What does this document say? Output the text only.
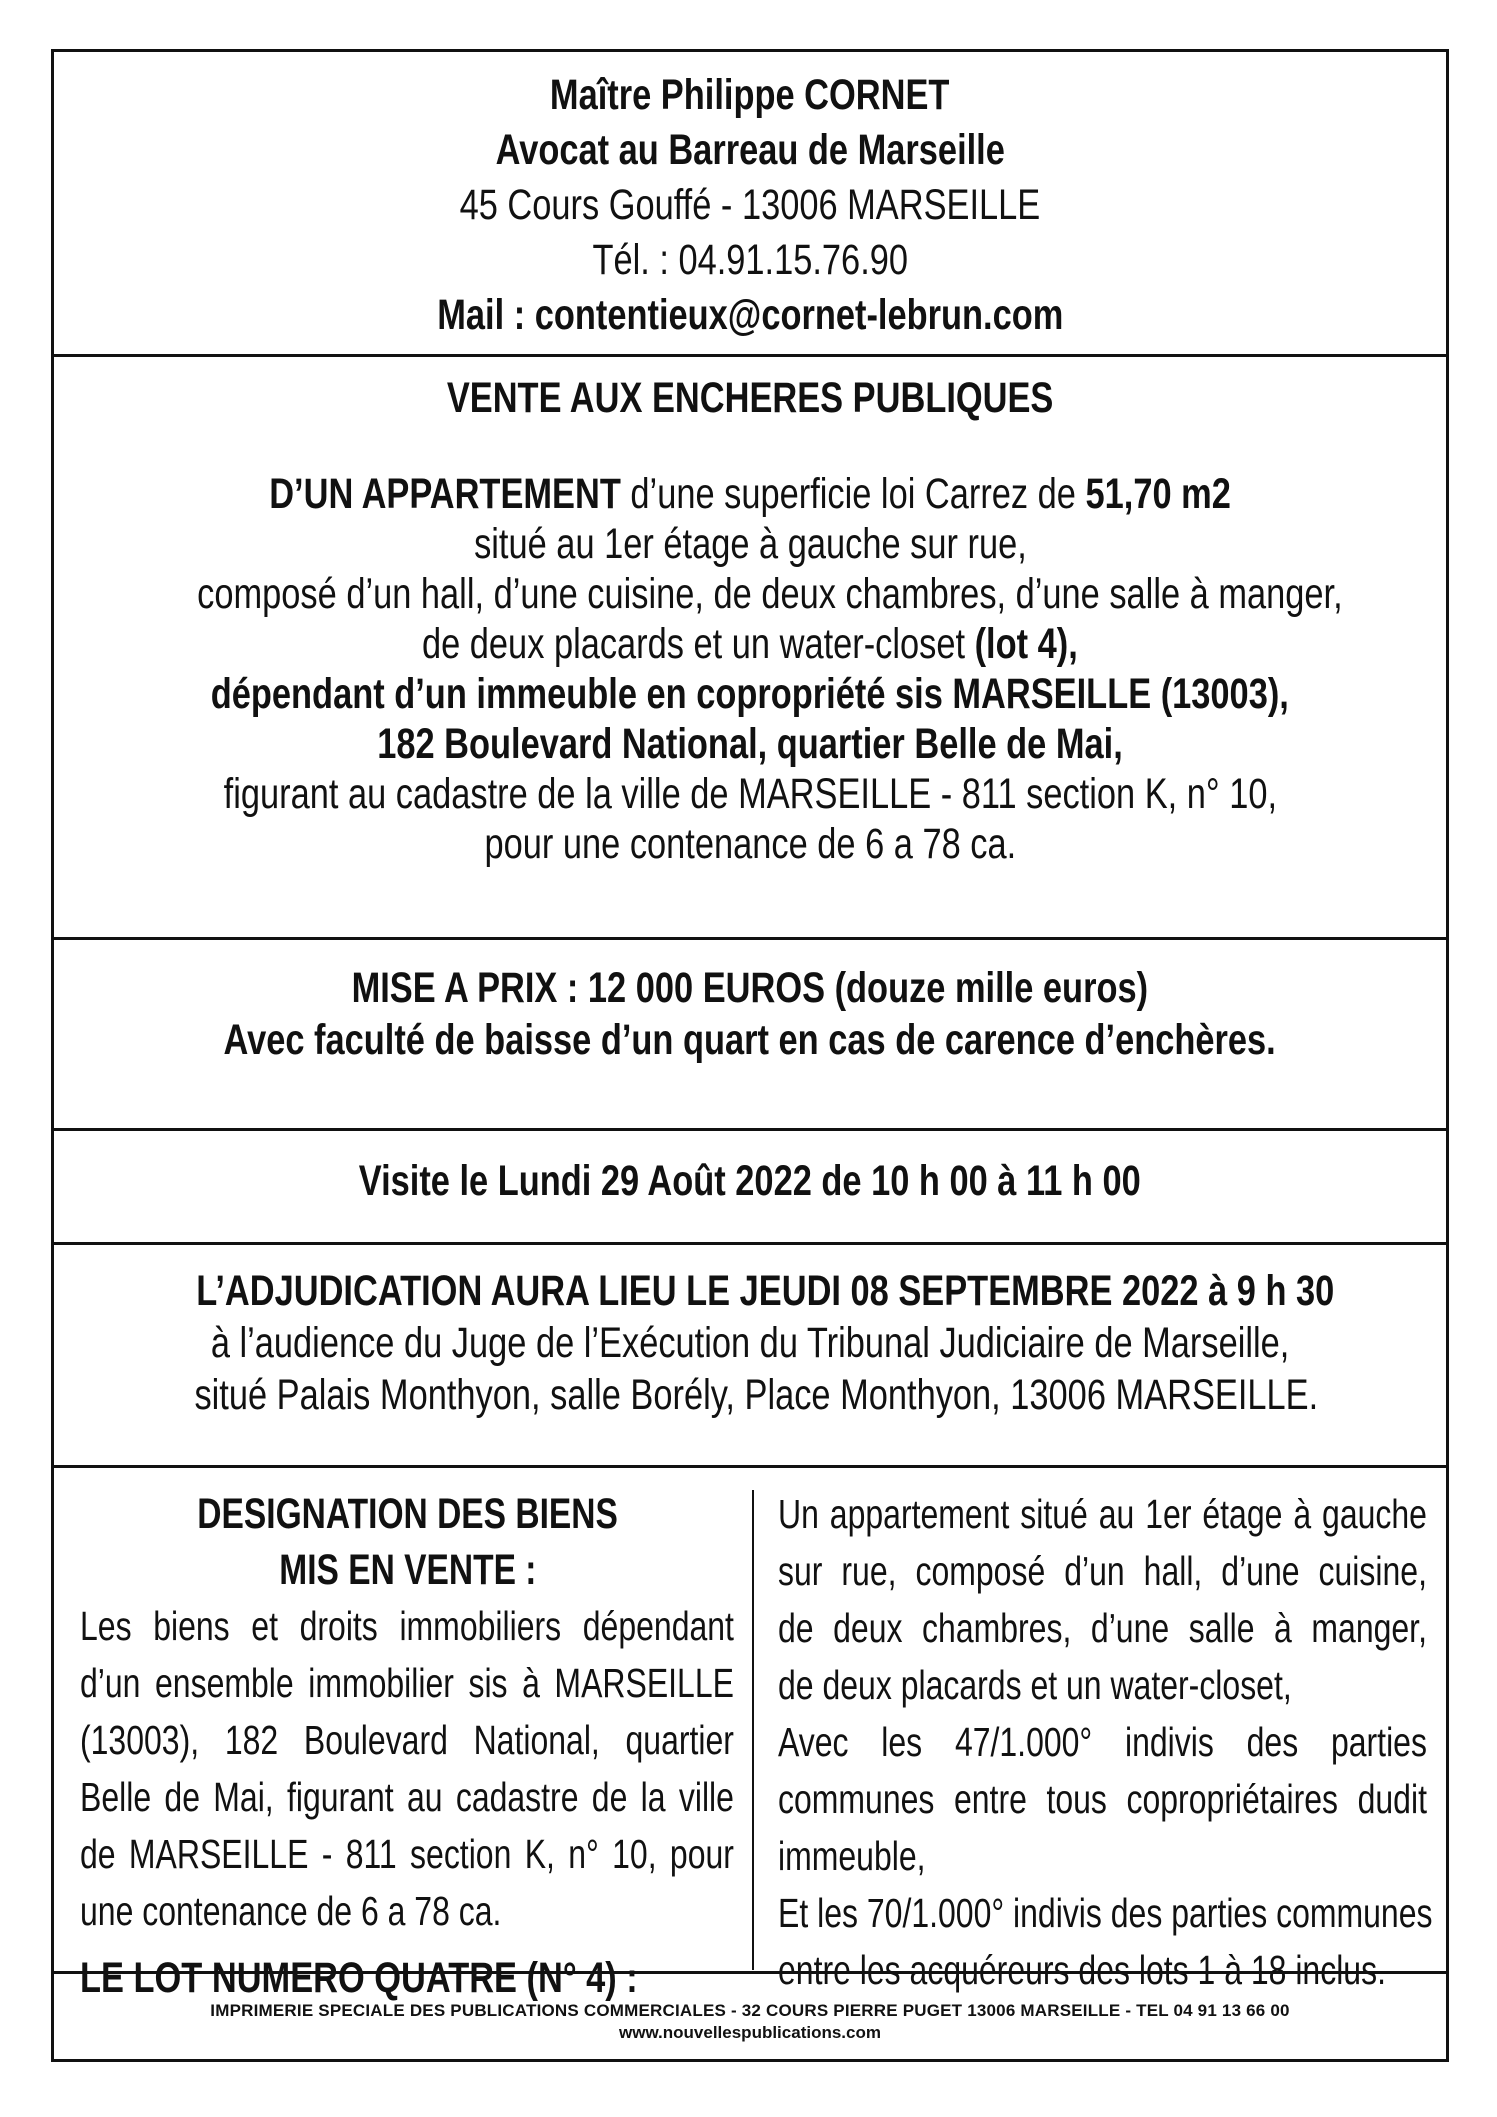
Maître Philippe CORNET
Avocat au Barreau de Marseille
45 Cours Gouffé - 13006 MARSEILLE
Tél. : 04.91.15.76.90
Mail : contentieux@cornet-lebrun.com
VENTE AUX ENCHERES PUBLIQUES
D’UN APPARTEMENT d’une superficie loi Carrez de 51,70 m2
situé au 1er étage à gauche sur rue,
composé d’un hall, d’une cuisine, de deux chambres, d’une salle à manger,
de deux placards et un water-closet (lot 4),
dépendant d’un immeuble en copropriété sis MARSEILLE (13003),
182 Boulevard National, quartier Belle de Mai,
figurant au cadastre de la ville de MARSEILLE - 811 section K, n° 10,
pour une contenance de 6 a 78 ca.
MISE A PRIX : 12 000 EUROS (douze mille euros)
Avec faculté de baisse d’un quart en cas de carence d’enchères.
Visite le Lundi 29 Août 2022 de 10 h 00 à 11 h 00
L’ADJUDICATION AURA LIEU LE JEUDI 08 SEPTEMBRE 2022 à 9 h 30
à l’audience du Juge de l’Exécution du Tribunal Judiciaire de Marseille,
situé Palais Monthyon, salle Borély, Place Monthyon, 13006 MARSEILLE.
DESIGNATION DES BIENS
MIS EN VENTE :
Les biens et droits immobiliers dépendant
d’un ensemble immobilier sis à MARSEILLE
(13003), 182 Boulevard National, quartier
Belle de Mai, figurant au cadastre de la ville
de MARSEILLE - 811 section K, n° 10, pour
une contenance de 6 a 78 ca.
LE LOT NUMERO QUATRE (N° 4) :
Un appartement situé au 1er étage à gauche
sur rue, composé d’un hall, d’une cuisine,
de deux chambres, d’une salle à manger,
de deux placards et un water-closet,
Avec les 47/1.000° indivis des parties
communes entre tous copropriétaires dudit
immeuble,
Et les 70/1.000° indivis des parties communes
entre les acquéreurs des lots 1 à 18 inclus.
IMPRIMERIE SPECIALE DES PUBLICATIONS COMMERCIALES - 32 COURS PIERRE PUGET 13006 MARSEILLE - TEL 04 91 13 66 00
www.nouvellespublications.com
